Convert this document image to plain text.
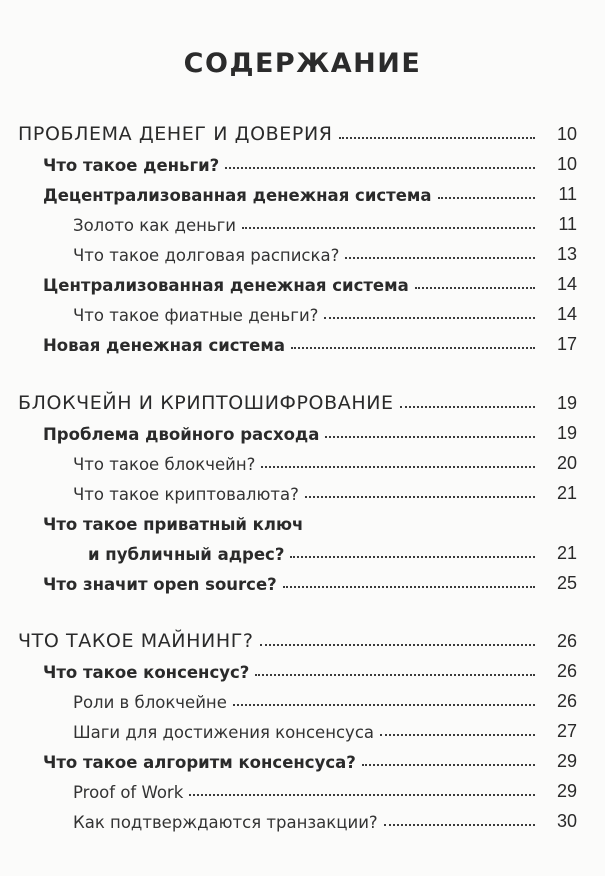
СОДЕРЖАНИЕ
ПРОБЛЕМА ДЕНЕГ И ДОВЕРИЯ	10
Что такое деньги?	10
Децентрализованная денежная система	11
Золото как деньги	11
Что такое долговая расписка?	13
Централизованная денежная система	14
Что такое фиатные деньги?	14
Новая денежная система	17
БЛОКЧЕЙН И КРИПТОШИФРОВАНИЕ	19
Проблема двойного расхода	19
Что такое блокчейн?	20
Что такое криптовалюта?	21
Что такое приватный ключ
и публичный адрес?	21
Что значит open source?	25
ЧТО ТАКОЕ МАЙНИНГ?	26
Что такое консенсус?	26
Роли в блокчейне	26
Шаги для достижения консенсуса	27
Что такое алгоритм консенсуса?	29
Proof of Work	29
Как подтверждаются транзакции?	30
